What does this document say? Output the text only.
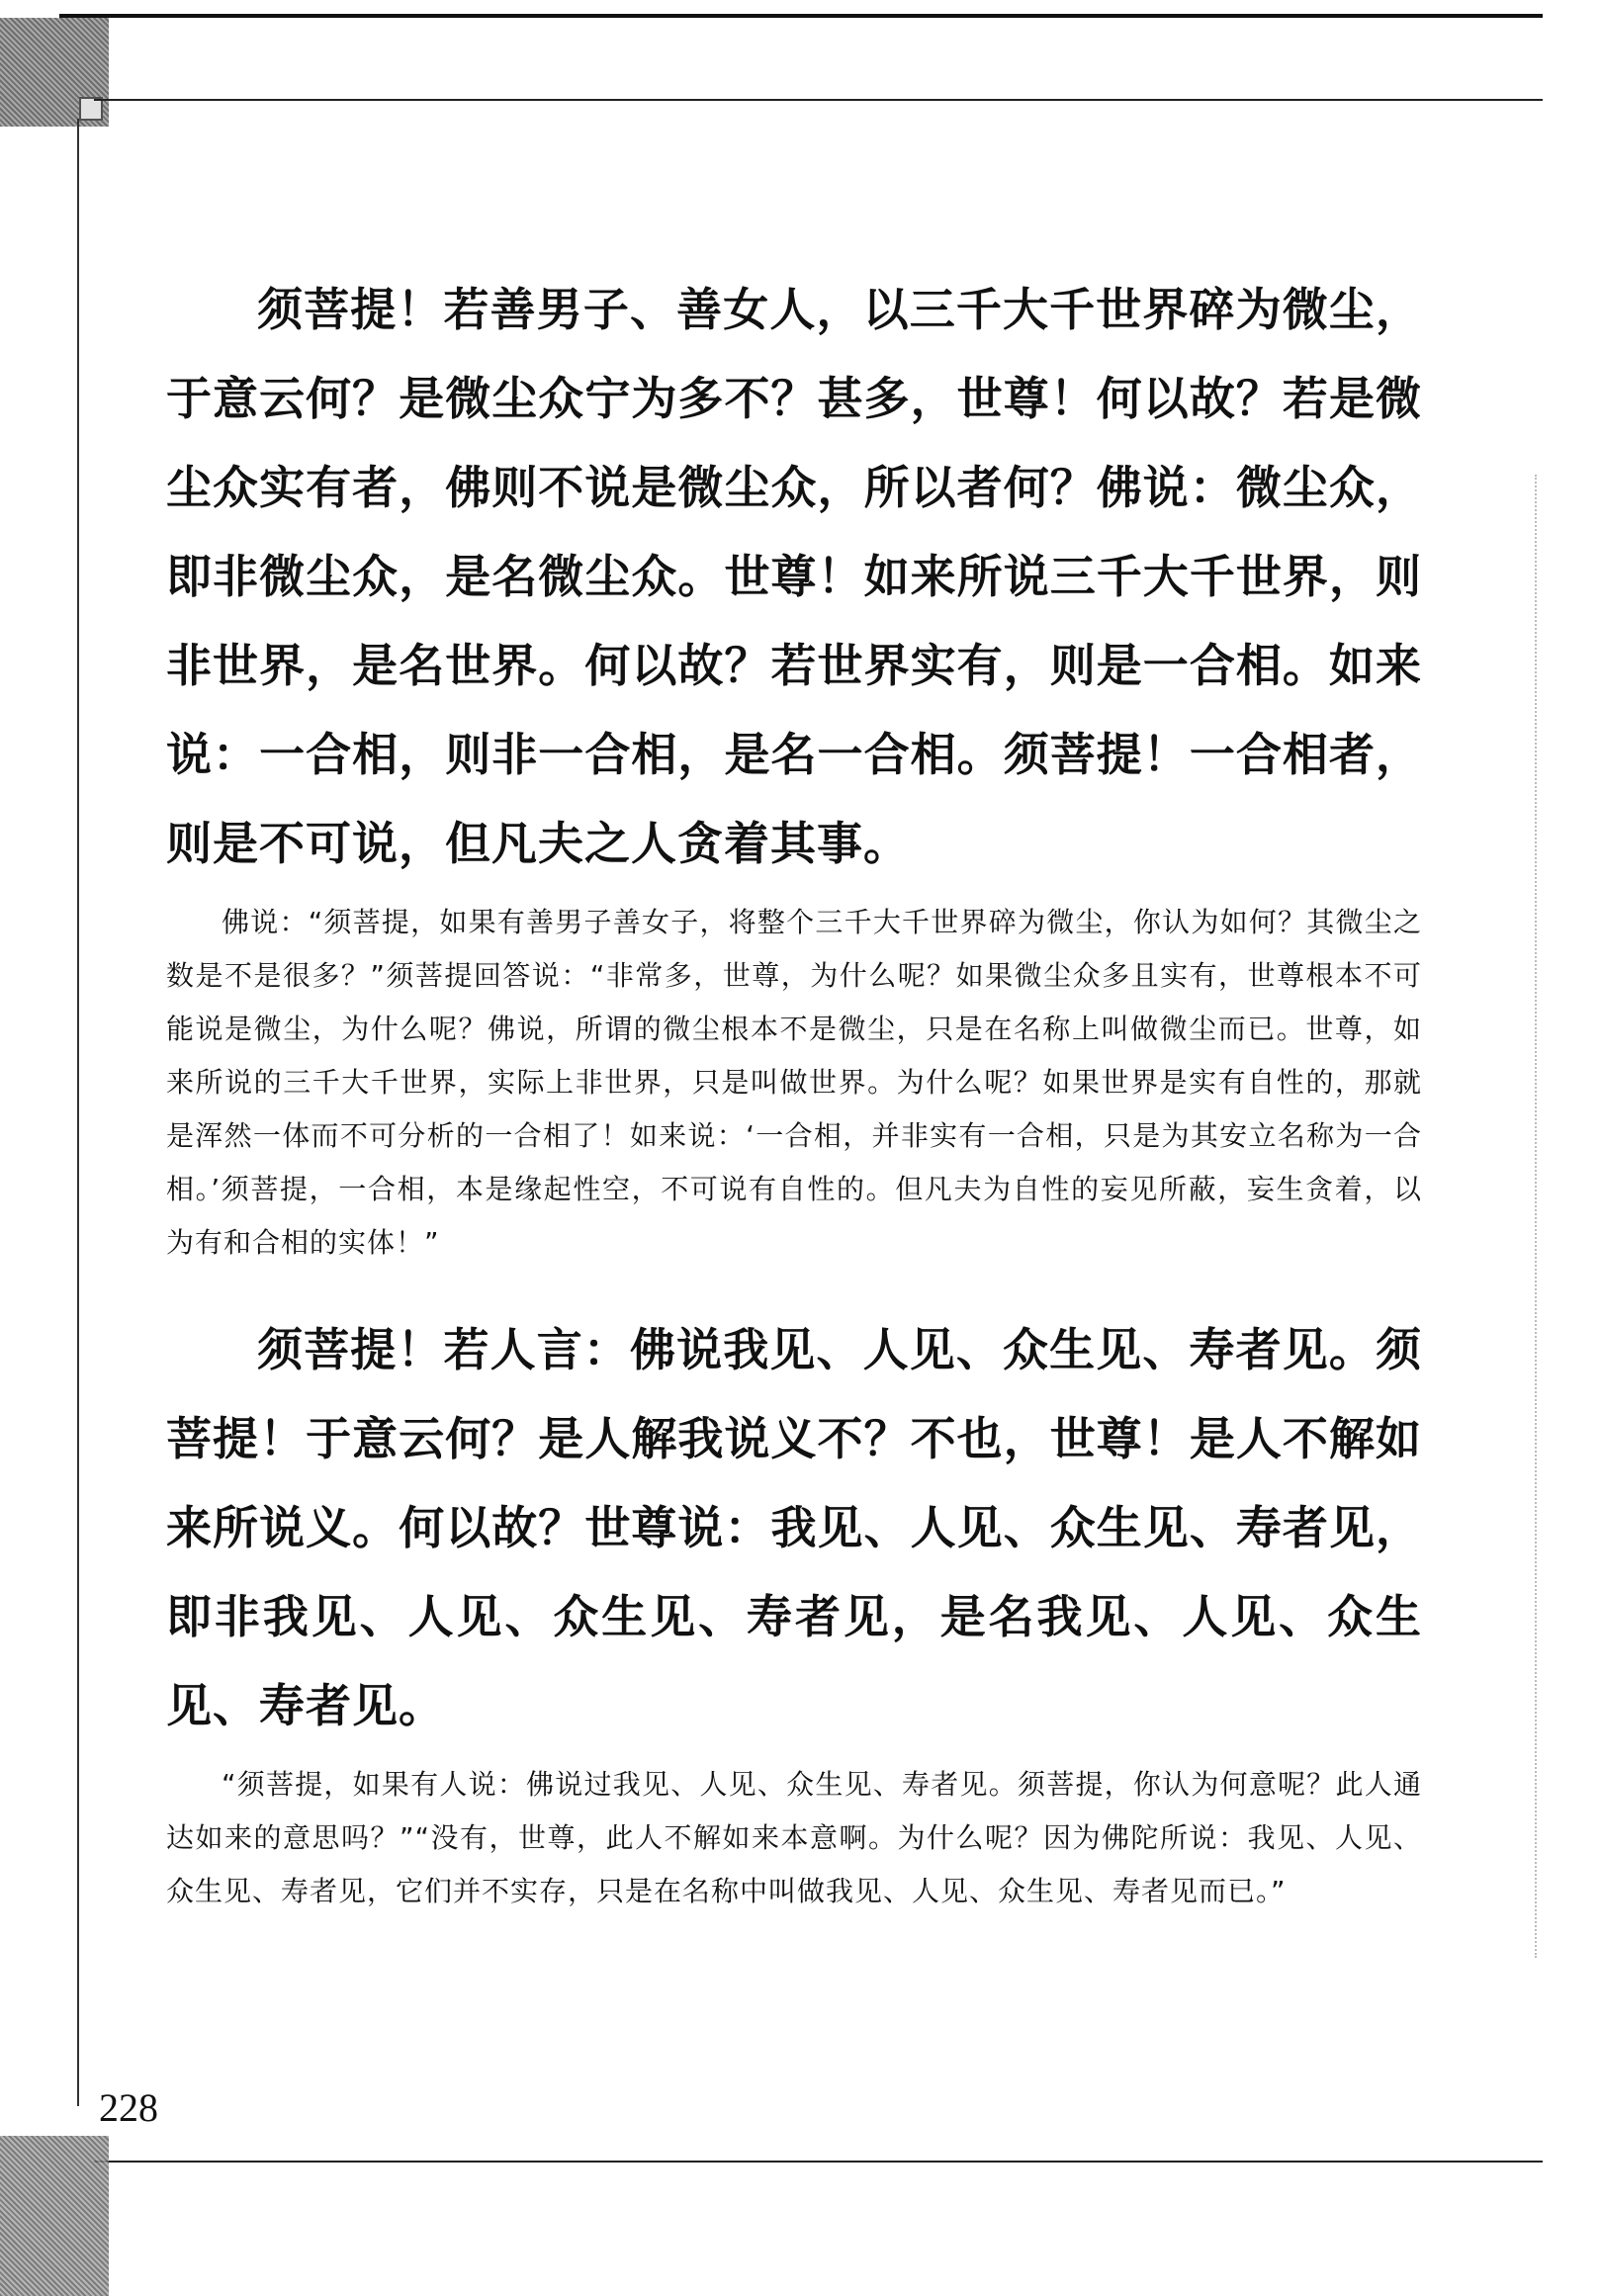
须菩提！若善男子、善女人，以三千大千世界碎为微尘，于意云何？是微尘众宁为多不？甚多，世尊！何以故？若是微尘众实有者，佛则不说是微尘众，所以者何？佛说：微尘众，即非微尘众，是名微尘众。世尊！如来所说三千大千世界，则非世界，是名世界。何以故？若世界实有，则是一合相。如来说：一合相，则非一合相，是名一合相。须菩提！一合相者，则是不可说，但凡夫之人贪着其事。

佛说：“须菩提，如果有善男子善女子，将整个三千大千世界碎为微尘，你认为如何？其微尘之数是不是很多？”须菩提回答说：“非常多，世尊，为什么呢？如果微尘众多且实有，世尊根本不可能说是微尘，为什么呢？佛说，所谓的微尘根本不是微尘，只是在名称上叫做微尘而已。世尊，如来所说的三千大千世界，实际上非世界，只是叫做世界。为什么呢？如果世界是实有自性的，那就是浑然一体而不可分析的一合相了！如来说：‘一合相，并非实有一合相，只是为其安立名称为一合相。’须菩提，一合相，本是缘起性空，不可说有自性的。但凡夫为自性的妄见所蔽，妄生贪着，以为有和合相的实体！”

须菩提！若人言：佛说我见、人见、众生见、寿者见。须菩提！于意云何？是人解我说义不？不也，世尊！是人不解如来所说义。何以故？世尊说：我见、人见、众生见、寿者见，即非我见、人见、众生见、寿者见，是名我见、人见、众生见、寿者见。

“须菩提，如果有人说：佛说过我见、人见、众生见、寿者见。须菩提，你认为何意呢？此人通达如来的意思吗？”“没有，世尊，此人不解如来本意啊。为什么呢？因为佛陀所说：我见、人见、众生见、寿者见，它们并不实存，只是在名称中叫做我见、人见、众生见、寿者见而已。”

228
